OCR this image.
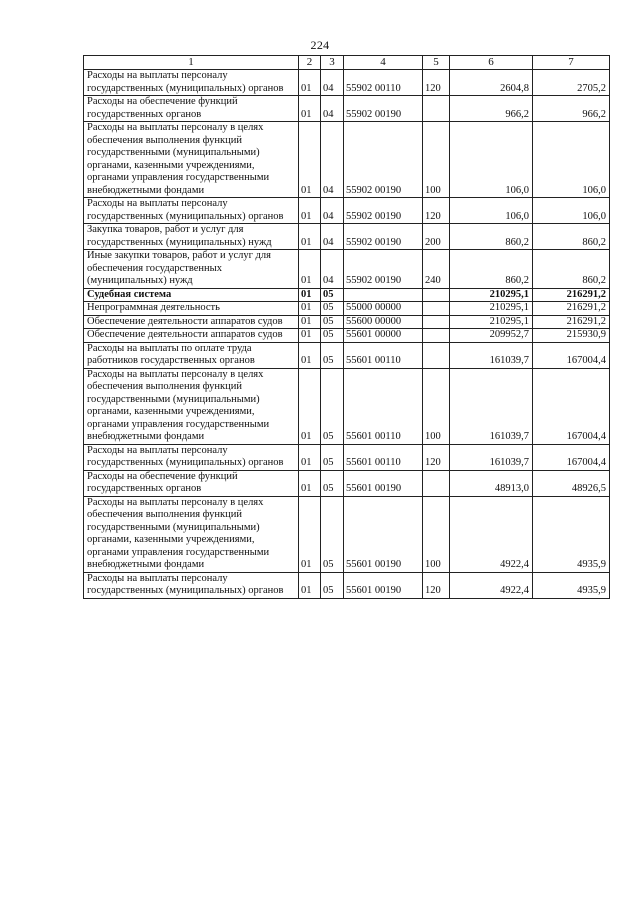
224
1	2	3	4	5	6	7
Расходы на выплаты персоналу государственных (муниципальных) органов	01	04	55902 00110	120	2604,8	2705,2
Расходы на обеспечение функций государственных органов	01	04	55902 00190		966,2	966,2
Расходы на выплаты персоналу в целях обеспечения выполнения функций государственными (муниципальными) органами, казенными учреждениями, органами управления государственными внебюджетными фондами	01	04	55902 00190	100	106,0	106,0
Расходы на выплаты персоналу государственных (муниципальных) органов	01	04	55902 00190	120	106,0	106,0
Закупка товаров, работ и услуг для государственных (муниципальных) нужд	01	04	55902 00190	200	860,2	860,2
Иные закупки товаров, работ и услуг для обеспечения государственных (муниципальных) нужд	01	04	55902 00190	240	860,2	860,2
Судебная система	01	05			210295,1	216291,2
Непрограммная деятельность	01	05	55000 00000		210295,1	216291,2
Обеспечение деятельности аппаратов судов	01	05	55600 00000		210295,1	216291,2
Обеспечение деятельности аппаратов судов	01	05	55601 00000		209952,7	215930,9
Расходы на выплаты по оплате труда работников государственных органов	01	05	55601 00110		161039,7	167004,4
Расходы на выплаты персоналу в целях обеспечения выполнения функций государственными (муниципальными) органами, казенными учреждениями, органами управления государственными внебюджетными фондами	01	05	55601 00110	100	161039,7	167004,4
Расходы на выплаты персоналу государственных (муниципальных) органов	01	05	55601 00110	120	161039,7	167004,4
Расходы на обеспечение функций государственных органов	01	05	55601 00190		48913,0	48926,5
Расходы на выплаты персоналу в целях обеспечения выполнения функций государственными (муниципальными) органами, казенными учреждениями, органами управления государственными внебюджетными фондами	01	05	55601 00190	100	4922,4	4935,9
Расходы на выплаты персоналу государственных (муниципальных) органов	01	05	55601 00190	120	4922,4	4935,9
